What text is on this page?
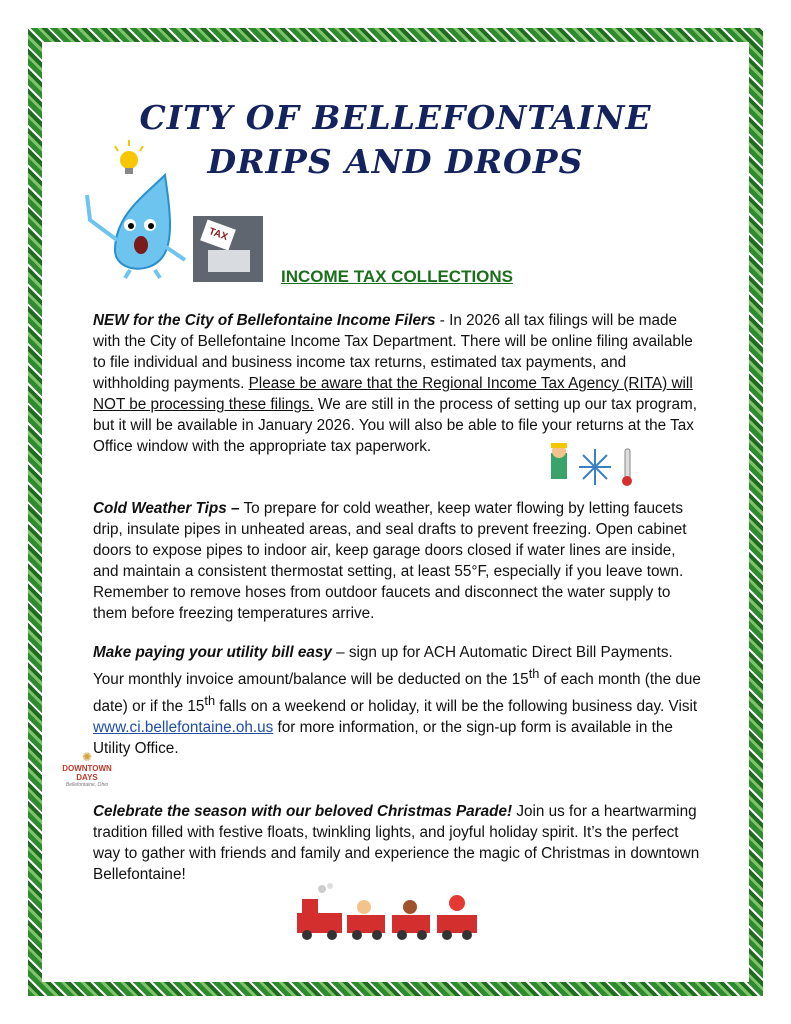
CITY OF BELLEFONTAINE
DRIPS AND DROPS
TAX
INCOME TAX COLLECTIONS
NEW for the City of Bellefontaine Income Filers - In 2026 all tax filings will be made with the City of Bellefontaine Income Tax Department. There will be online filing available to file individual and business income tax returns, estimated tax payments, and withholding payments. Please be aware that the Regional Income Tax Agency (RITA) will NOT be processing these filings. We are still in the process of setting up our tax program, but it will be available in January 2026. You will also be able to file your returns at the Tax Office window with the appropriate tax paperwork.
Cold Weather Tips – To prepare for cold weather, keep water flowing by letting faucets drip, insulate pipes in unheated areas, and seal drafts to prevent freezing. Open cabinet doors to expose pipes to indoor air, keep garage doors closed if water lines are inside, and maintain a consistent thermostat setting, at least 55°F, especially if you leave town. Remember to remove hoses from outdoor faucets and disconnect the water supply to them before freezing temperatures arrive.
Make paying your utility bill easy – sign up for ACH Automatic Direct Bill Payments. Your monthly invoice amount/balance will be deducted on the 15th of each month (the due date) or if the 15th falls on a weekend or holiday, it will be the following business day. Visit www.ci.bellefontaine.oh.us for more information, or the sign-up form is available in the Utility Office.
✺
DOWNTOWN
DAYS
Bellefontaine, Ohio
Celebrate the season with our beloved Christmas Parade! Join us for a heartwarming tradition filled with festive floats, twinkling lights, and joyful holiday spirit. It’s the perfect way to gather with friends and family and experience the magic of Christmas in downtown Bellefontaine!
